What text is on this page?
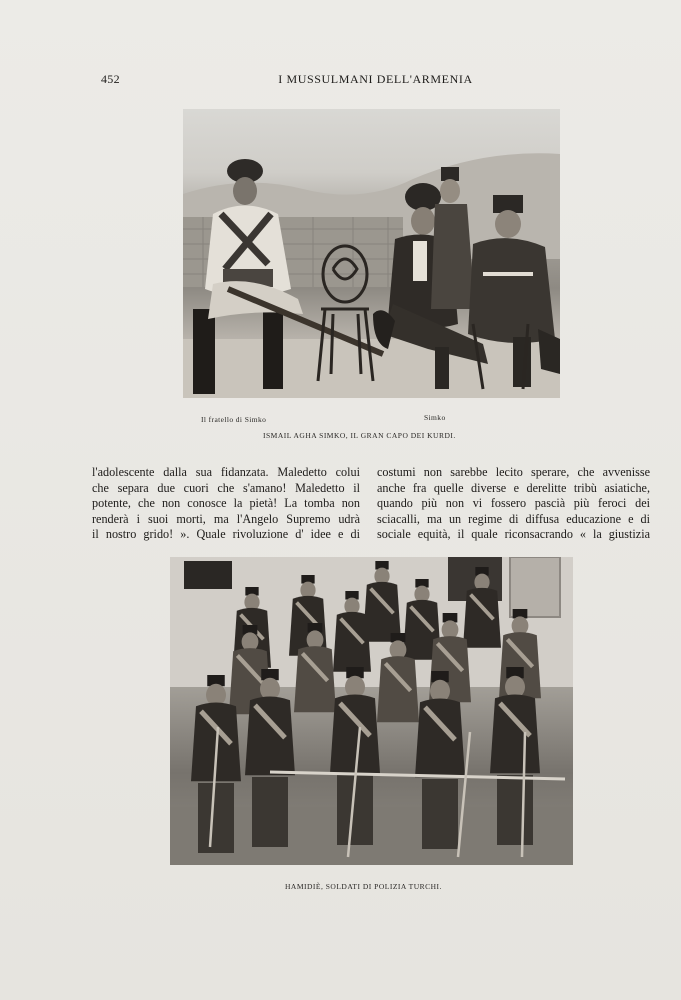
452	I MUSSULMANI DELL'ARMENIA
Il fratello di Simko	Simko
ISMAIL AGHA SIMKO, IL GRAN CAPO DEI KURDI.
l'adolescente dalla sua fidanzata. Maledetto colui
che separa due cuori che s'amano! Maledetto il
potente, che non conosce la pietà! La tomba non
renderà i suoi morti, ma l'Angelo Supremo udrà
il nostro grido! ». Quale rivoluzione d' idee e di
costumi non sarebbe lecito sperare, che avvenisse
anche fra quelle diverse e derelitte tribù asiatiche,
quando più non vi fossero pascià più feroci dei
sciacalli, ma un regime di diffusa educazione e di
sociale equità, il quale riconsacrando « la giustizia
HAMIDIÈ, SOLDATI DI POLIZIA TURCHI.
